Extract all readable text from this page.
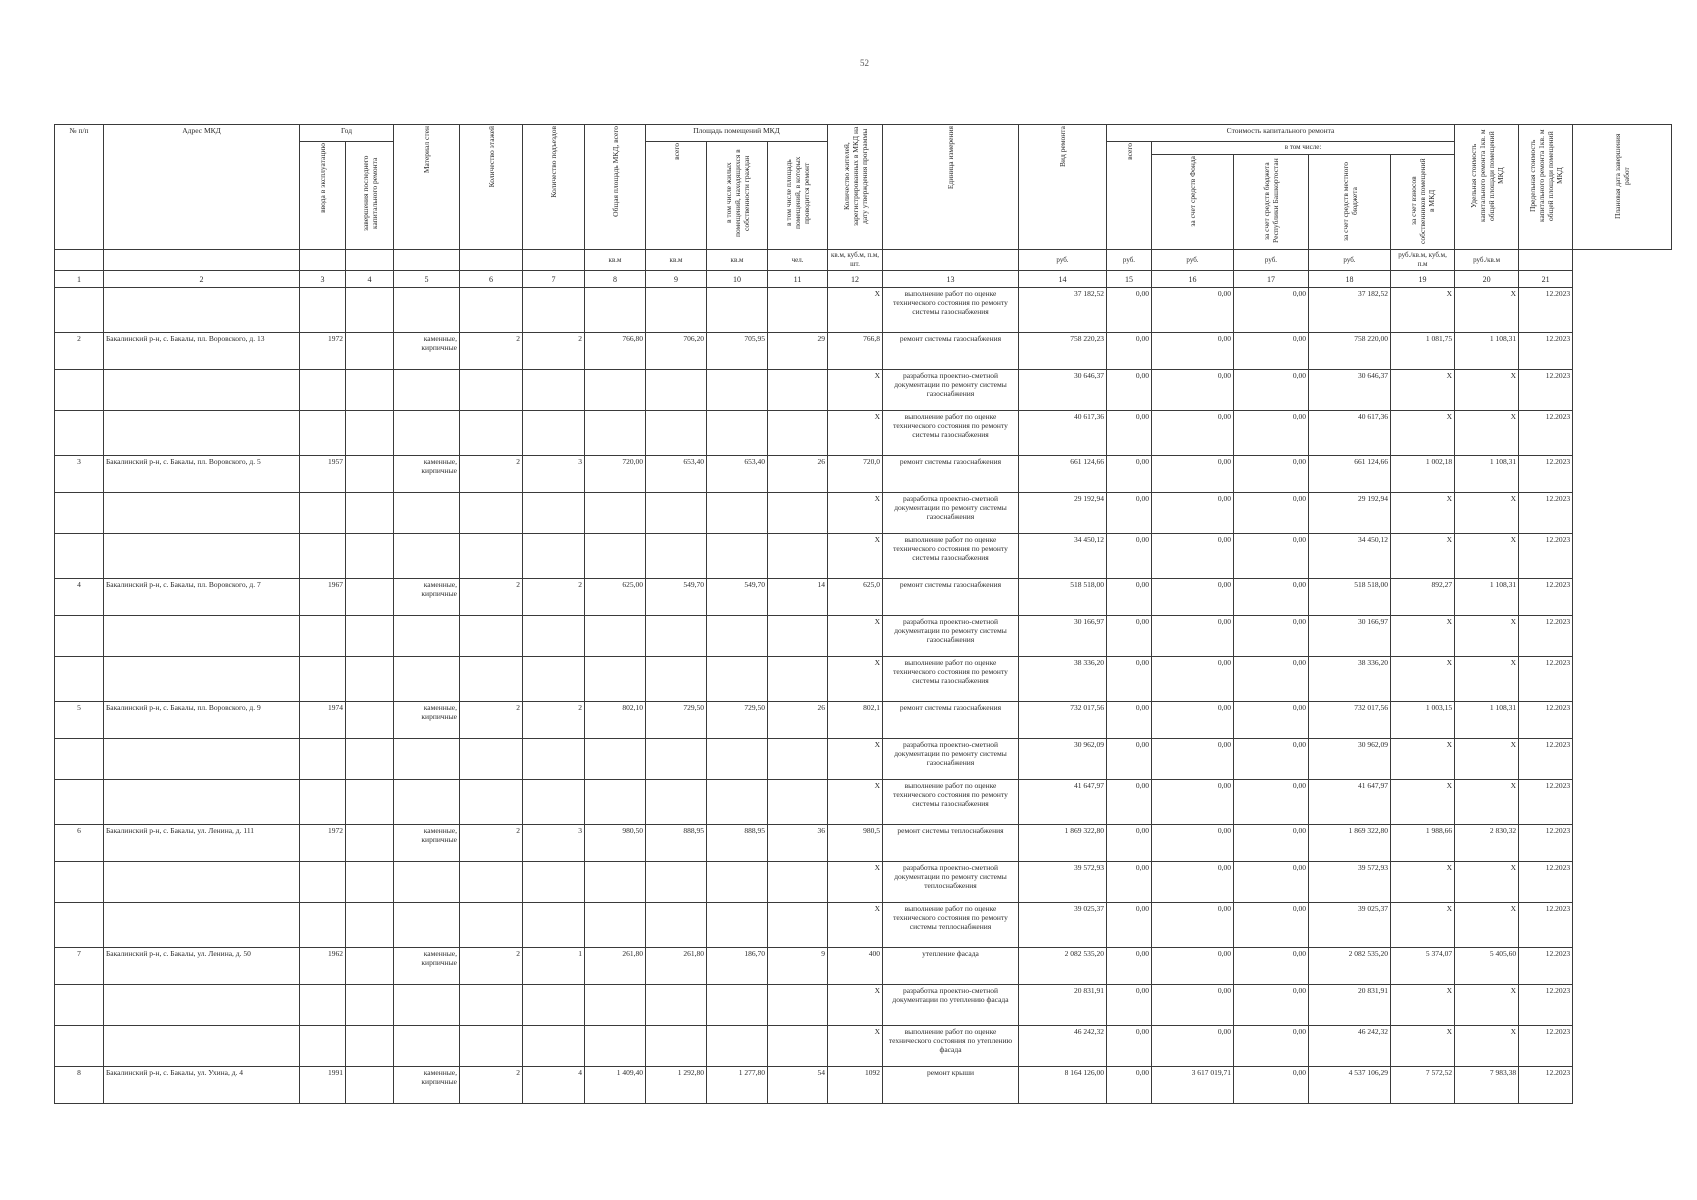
52
№ п/п	Адрес МКД	Год		Материал стен	Количество этажей	Количество подъездов	Общая площадь МКД, всего	Площадь помещений МКД			Количество жителей, зарегистрированных в МКД на дату утверждения программы	Единица измерения	Вид ремонта	Стоимость капитального ремонта					Удельная стоимость капитального ремонта 1кв. м общей площади помещений МКД	Предельная стоимость капитального ремонта 1кв. м общей площади помещений МКД	Плановая дата завершения работ
		ввода в эксплуатацию	завершения последнего капитального ремонта					всего	в том числе жилых помещений, находящихся в собственности граждан	в том числе площадь помещений, в которых проводится ремонт				всего	в том числе:						
															за счет средств Фонда	за счет средств бюджета Республики Башкортостан	за счет средств местного бюджета	за счет взносов собственников помещений в МКД			
							кв.м	кв.м	кв.м	чел.	кв.м, куб.м, п.м, шт.		руб.	руб.	руб.	руб.	руб.	руб./кв.м, куб.м, п.м	руб./кв.м		
1	2	3	4	5	6	7	8	9	10	11	12	13	14	15	16	17	18	19	20	21	
											X	выполнение работ по оценке технического состояния по ремонту системы газоснабжения	37 182,52	0,00	0,00	0,00	37 182,52	X	X	12.2023	
2	Бакалинский р-н, с. Бакалы, пл. Воровского, д. 13	1972		каменные, кирпичные	2	2	766,80	706,20	705,95	29	766,8	ремонт системы газоснабжения	758 220,23	0,00	0,00	0,00	758 220,00	1 081,75	1 108,31	12.2023	
											X	разработка проектно-сметной документации по ремонту системы газоснабжения	30 646,37	0,00	0,00	0,00	30 646,37	X	X	12.2023	
											X	выполнение работ по оценке технического состояния по ремонту системы газоснабжения	40 617,36	0,00	0,00	0,00	40 617,36	X	X	12.2023	
3	Бакалинский р-н, с. Бакалы, пл. Воровского, д. 5	1957		каменные, кирпичные	2	3	720,00	653,40	653,40	26	720,0	ремонт системы газоснабжения	661 124,66	0,00	0,00	0,00	661 124,66	1 002,18	1 108,31	12.2023	
											X	разработка проектно-сметной документации по ремонту системы газоснабжения	29 192,94	0,00	0,00	0,00	29 192,94	X	X	12.2023	
											X	выполнение работ по оценке технического состояния по ремонту системы газоснабжения	34 450,12	0,00	0,00	0,00	34 450,12	X	X	12.2023	
4	Бакалинский р-н, с. Бакалы, пл. Воровского, д. 7	1967		каменные, кирпичные	2	2	625,00	549,70	549,70	14	625,0	ремонт системы газоснабжения	518 518,00	0,00	0,00	0,00	518 518,00	892,27	1 108,31	12.2023	
											X	разработка проектно-сметной документации по ремонту системы газоснабжения	30 166,97	0,00	0,00	0,00	30 166,97	X	X	12.2023	
											X	выполнение работ по оценке технического состояния по ремонту системы газоснабжения	38 336,20	0,00	0,00	0,00	38 336,20	X	X	12.2023	
5	Бакалинский р-н, с. Бакалы, пл. Воровского, д. 9	1974		каменные, кирпичные	2	2	802,10	729,50	729,50	26	802,1	ремонт системы газоснабжения	732 017,56	0,00	0,00	0,00	732 017,56	1 003,15	1 108,31	12.2023	
											X	разработка проектно-сметной документации по ремонту системы газоснабжения	30 962,09	0,00	0,00	0,00	30 962,09	X	X	12.2023	
											X	выполнение работ по оценке технического состояния по ремонту системы газоснабжения	41 647,97	0,00	0,00	0,00	41 647,97	X	X	12.2023	
6	Бакалинский р-н, с. Бакалы, ул. Ленина, д. 111	1972		каменные, кирпичные	2	3	980,50	888,95	888,95	36	980,5	ремонт системы теплоснабжения	1 869 322,80	0,00	0,00	0,00	1 869 322,80	1 988,66	2 830,32	12.2023	
											X	разработка проектно-сметной документации по ремонту системы теплоснабжения	39 572,93	0,00	0,00	0,00	39 572,93	X	X	12.2023	
											X	выполнение работ по оценке технического состояния по ремонту системы теплоснабжения	39 025,37	0,00	0,00	0,00	39 025,37	X	X	12.2023	
7	Бакалинский р-н, с. Бакалы, ул. Ленина, д. 50	1962		каменные, кирпичные	2	1	261,80	261,80	186,70	9	400	утепление фасада	2 082 535,20	0,00	0,00	0,00	2 082 535,20	5 374,07	5 405,60	12.2023	
											X	разработка проектно-сметной документации по утеплению фасада	20 831,91	0,00	0,00	0,00	20 831,91	X	X	12.2023	
											X	выполнение работ по оценке технического состояния по утеплению фасада	46 242,32	0,00	0,00	0,00	46 242,32	X	X	12.2023	
8	Бакалинский р-н, с. Бакалы, ул. Ухина, д. 4	1991		каменные, кирпичные	2	4	1 409,40	1 292,80	1 277,80	54	1092	ремонт крыши	8 164 126,00	0,00	3 617 019,71	0,00	4 537 106,29	7 572,52	7 983,38	12.2023	
